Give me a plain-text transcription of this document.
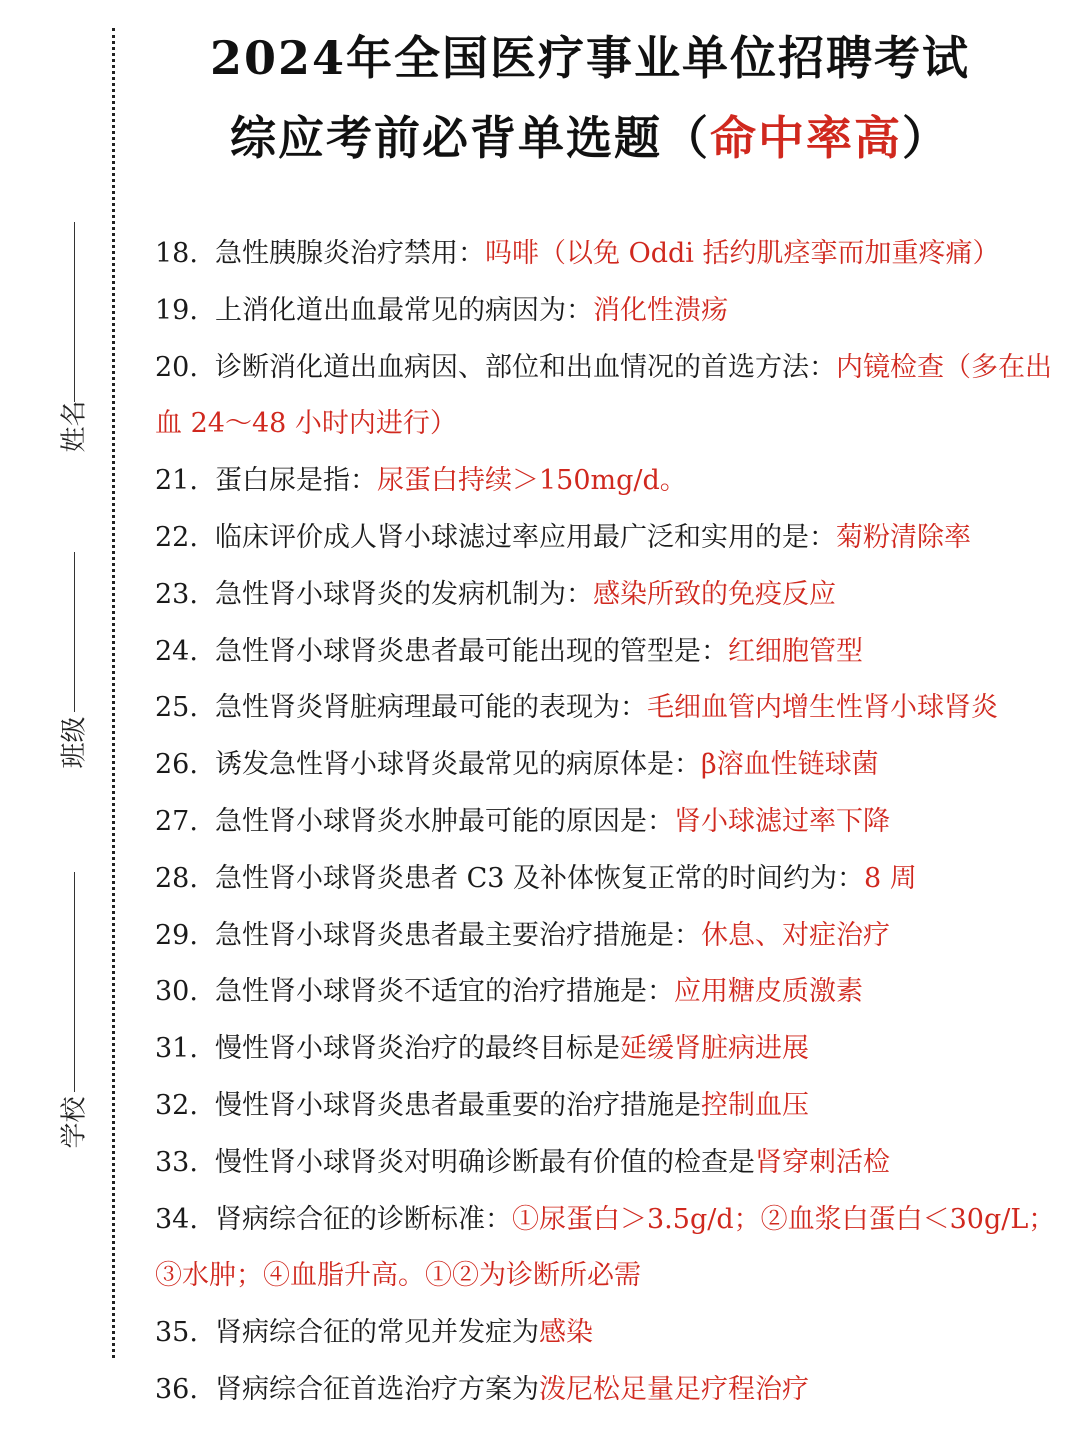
姓名
班级
学校
2024年全国医疗事业单位招聘考试
综应考前必背单选题（命中率高）
18. 急性胰腺炎治疗禁用：吗啡（以免 Oddi 括约肌痉挛而加重疼痛）
19. 上消化道出血最常见的病因为：消化性溃疡
20. 诊断消化道出血病因、部位和出血情况的首选方法：内镜检查（多在出血 24～48 小时内进行）
21. 蛋白尿是指：尿蛋白持续＞150mg/d。
22. 临床评价成人肾小球滤过率应用最广泛和实用的是：菊粉清除率
23. 急性肾小球肾炎的发病机制为：感染所致的免疫反应
24. 急性肾小球肾炎患者最可能出现的管型是：红细胞管型
25. 急性肾炎肾脏病理最可能的表现为：毛细血管内增生性肾小球肾炎
26. 诱发急性肾小球肾炎最常见的病原体是：β溶血性链球菌
27. 急性肾小球肾炎水肿最可能的原因是：肾小球滤过率下降
28. 急性肾小球肾炎患者 C3 及补体恢复正常的时间约为：8 周
29. 急性肾小球肾炎患者最主要治疗措施是：休息、对症治疗
30. 急性肾小球肾炎不适宜的治疗措施是：应用糖皮质激素
31. 慢性肾小球肾炎治疗的最终目标是延缓肾脏病进展
32. 慢性肾小球肾炎患者最重要的治疗措施是控制血压
33. 慢性肾小球肾炎对明确诊断最有价值的检查是肾穿刺活检
34. 肾病综合征的诊断标准：①尿蛋白＞3.5g/d；②血浆白蛋白＜30g/L；③水肿；④血脂升高。①②为诊断所必需
35. 肾病综合征的常见并发症为感染
36. 肾病综合征首选治疗方案为泼尼松足量足疗程治疗
